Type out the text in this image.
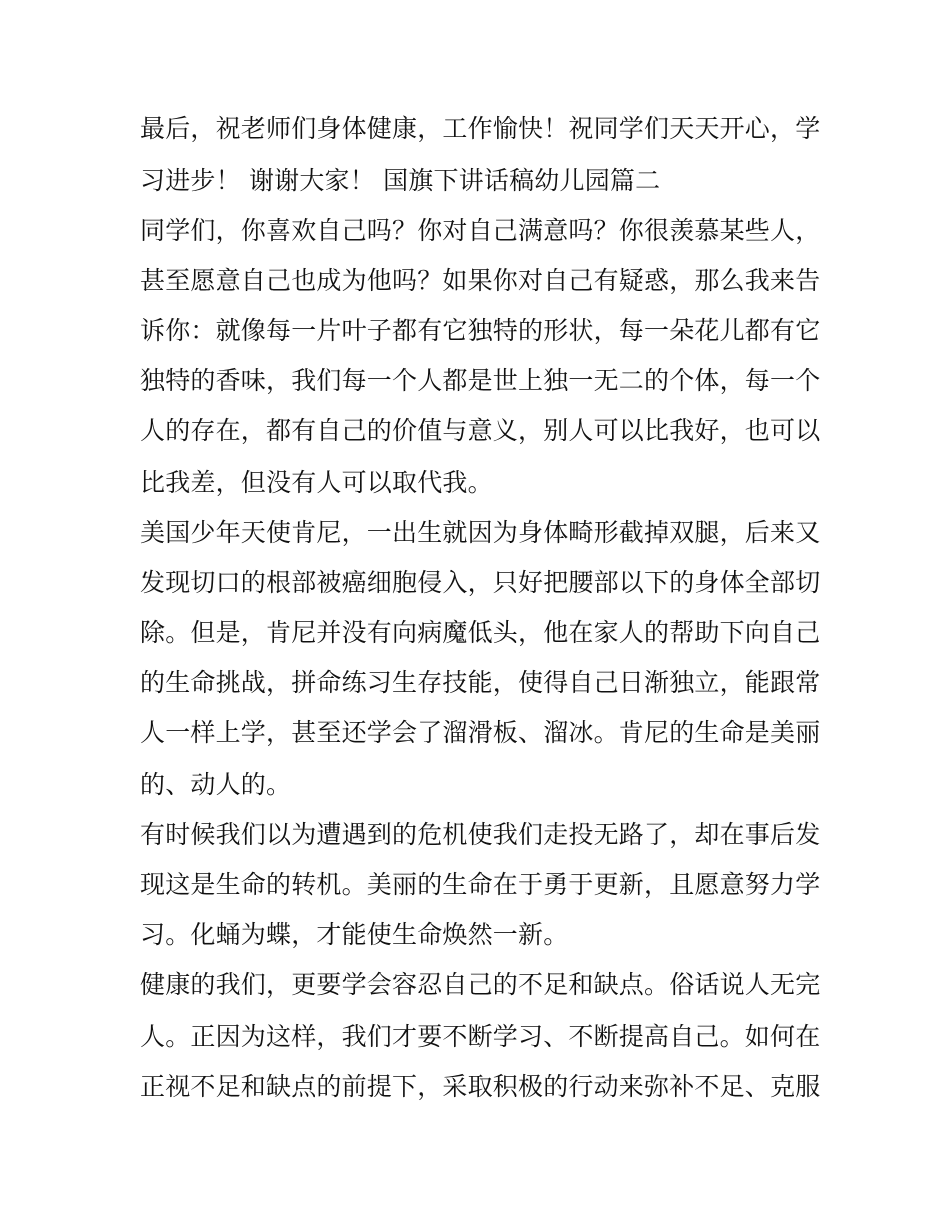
最后，祝老师们身体健康，工作愉快！祝同学们天天开心，学
习进步！ 谢谢大家！ 国旗下讲话稿幼儿园篇二
同学们，你喜欢自己吗？你对自己满意吗？你很羡慕某些人，
甚至愿意自己也成为他吗？如果你对自己有疑惑，那么我来告
诉你：就像每一片叶子都有它独特的形状，每一朵花儿都有它
独特的香味，我们每一个人都是世上独一无二的个体，每一个
人的存在，都有自己的价值与意义，别人可以比我好，也可以
比我差，但没有人可以取代我。
美国少年天使肯尼，一出生就因为身体畸形截掉双腿，后来又
发现切口的根部被癌细胞侵入，只好把腰部以下的身体全部切
除。但是，肯尼并没有向病魔低头，他在家人的帮助下向自己
的生命挑战，拼命练习生存技能，使得自己日渐独立，能跟常
人一样上学，甚至还学会了溜滑板、溜冰。肯尼的生命是美丽
的、动人的。
有时候我们以为遭遇到的危机使我们走投无路了，却在事后发
现这是生命的转机。美丽的生命在于勇于更新，且愿意努力学
习。化蛹为蝶，才能使生命焕然一新。
健康的我们，更要学会容忍自己的不足和缺点。俗话说人无完
人。正因为这样，我们才要不断学习、不断提高自己。如何在
正视不足和缺点的前提下，采取积极的行动来弥补不足、克服
